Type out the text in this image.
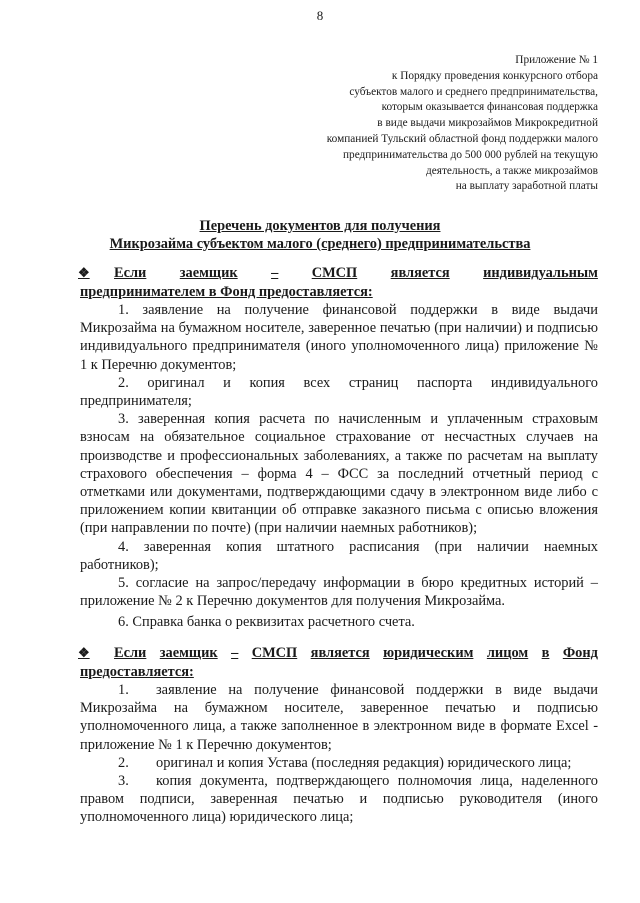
8
Приложение № 1
к Порядку проведения конкурсного отбора
субъектов малого и среднего предпринимательства,
которым оказывается финансовая поддержка
в виде выдачи микрозаймов Микрокредитной
компанией Тульский областной фонд поддержки малого
предпринимательства до 500 000 рублей на текущую
деятельность, а также микрозаймов
на выплату заработной платы
Перечень документов для получения
Микрозайма субъектом малого (среднего) предпринимательства
❖	Если заемщик – СМСП является индивидуальным
предпринимателем в Фонд предоставляется:

1. заявление на получение финансовой поддержки в виде выдачи Микрозайма на бумажном носителе, заверенное печатью (при наличии) и подписью индивидуального предпринимателя (иного уполномоченного лица) приложение № 1 к Перечню документов;

2. оригинал и копия всех страниц паспорта индивидуального предпринимателя;

3. заверенная копия расчета по начисленным и уплаченным страховым взносам на обязательное социальное страхование от несчастных случаев на производстве и профессиональных заболеваниях, а также по расчетам на выплату страхового обеспечения – форма 4 – ФСС за последний отчетный период с отметками или документами, подтверждающими сдачу в электронном виде либо с приложением копии квитанции об отправке заказного письма с описью вложения (при направлении по почте) (при наличии наемных работников);

4. заверенная копия штатного расписания (при наличии наемных работников);

5. согласие на запрос/передачу информации в бюро кредитных историй – приложение № 2 к Перечню документов для получения Микрозайма.

6. Справка банка о реквизитах расчетного счета.

❖	Если заемщик – СМСП является юридическим лицом в Фонд
предоставляется:

1. заявление на получение финансовой поддержки в виде выдачи Микрозайма на бумажном носителе, заверенное печатью и подписью уполномоченного лица, а также заполненное в электронном виде в формате Excel - приложение № 1 к Перечню документов;

2. оригинал и копия Устава (последняя редакция) юридического лица;

3. копия документа, подтверждающего полномочия лица, наделенного правом подписи, заверенная печатью и подписью руководителя (иного уполномоченного лица) юридического лица;
